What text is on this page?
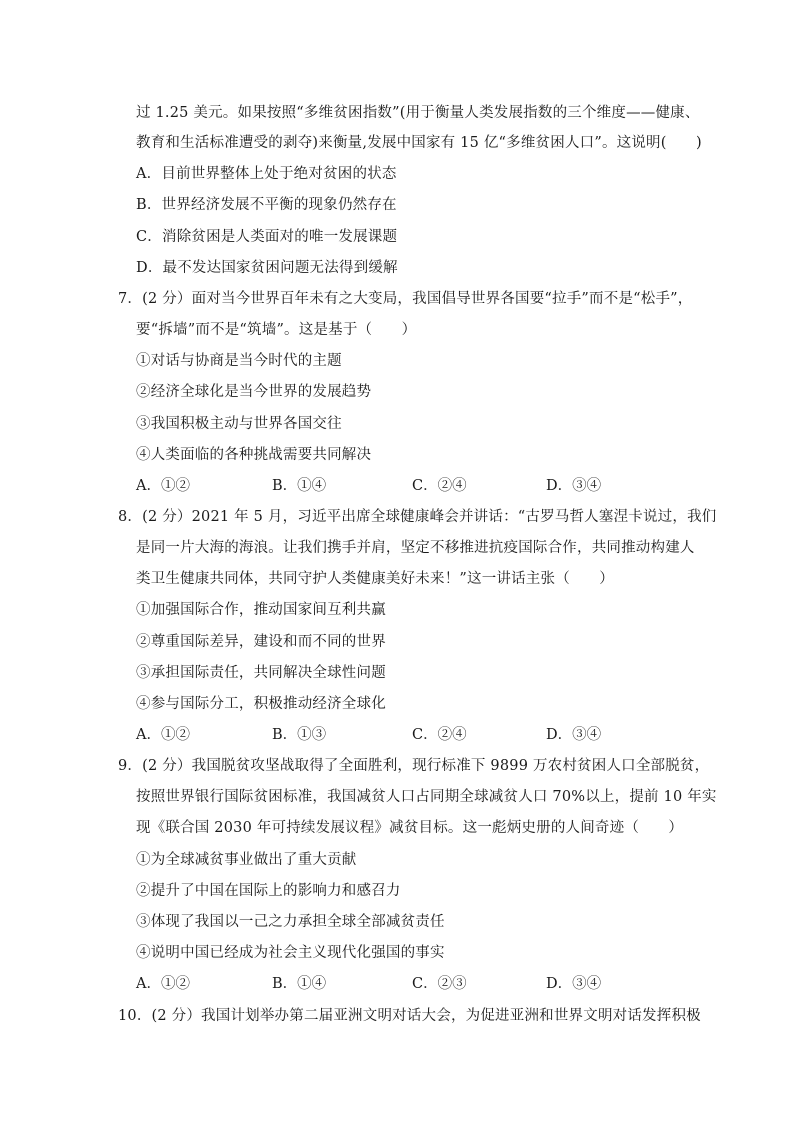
过 1.25 美元。如果按照“多维贫困指数”(用于衡量人类发展指数的三个维度——健康、
教育和生活标准遭受的剥夺)来衡量,发展中国家有 15 亿“多维贫困人口”。这说明(　　)
A．目前世界整体上处于绝对贫困的状态
B．世界经济发展不平衡的现象仍然存在
C．消除贫困是人类面对的唯一发展课题
D．最不发达国家贫困问题无法得到缓解
7．(2 分）面对当今世界百年未有之大变局，我国倡导世界各国要“拉手”而不是“松手”，
要“拆墙”而不是“筑墙”。这是基于（　　）
①对话与协商是当今时代的主题
②经济全球化是当今世界的发展趋势
③我国积极主动与世界各国交往
④人类面临的各种挑战需要共同解决
A．①②	B．①④	C．②④	D．③④
8．(2 分）2021 年 5 月，习近平出席全球健康峰会并讲话：“古罗马哲人塞涅卡说过，我们
是同一片大海的海浪。让我们携手并肩，坚定不移推进抗疫国际合作，共同推动构建人
类卫生健康共同体，共同守护人类健康美好未来！”这一讲话主张（　　）
①加强国际合作，推动国家间互利共赢
②尊重国际差异，建设和而不同的世界
③承担国际责任，共同解决全球性问题
④参与国际分工，积极推动经济全球化
A．①②	B．①③	C．②④	D．③④
9．(2 分）我国脱贫攻坚战取得了全面胜利，现行标准下 9899 万农村贫困人口全部脱贫，
按照世界银行国际贫困标准，我国减贫人口占同期全球减贫人口 70%以上，提前 10 年实
现《联合国 2030 年可持续发展议程》减贫目标。这一彪炳史册的人间奇迹（　　）
①为全球减贫事业做出了重大贡献
②提升了中国在国际上的影响力和感召力
③体现了我国以一己之力承担全球全部减贫责任
④说明中国已经成为社会主义现代化强国的事实
A．①②	B．①④	C．②③	D．③④
10．(2 分）我国计划举办第二届亚洲文明对话大会，为促进亚洲和世界文明对话发挥积极
